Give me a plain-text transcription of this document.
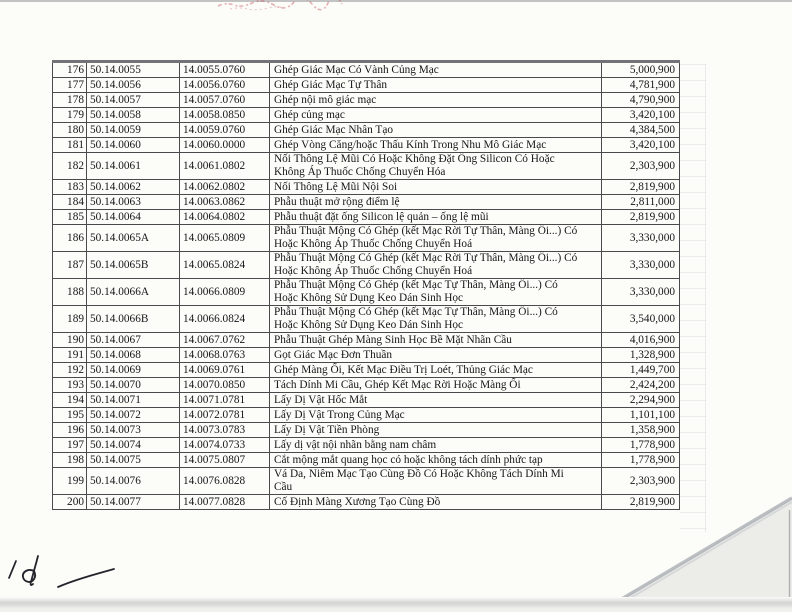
176	50.14.0055	14.0055.0760	Ghép Giác Mạc Có Vành Củng Mạc	5,000,900
177	50.14.0056	14.0056.0760	Ghép Giác Mạc Tự Thân	4,781,900
178	50.14.0057	14.0057.0760	Ghép nội mô giác mạc	4,790,900
179	50.14.0058	14.0058.0850	Ghép củng mạc	3,420,100
180	50.14.0059	14.0059.0760	Ghép Giác Mạc Nhân Tạo	4,384,500
181	50.14.0060	14.0060.0000	Ghép Vòng Căng/hoặc Thấu Kính Trong Nhu Mô Giác Mạc	3,420,100
182	50.14.0061	14.0061.0802	Nối Thông Lệ Mũi Có Hoặc Không Đặt Ống Silicon Có Hoặc Không Áp Thuốc Chống Chuyển Hóa	2,303,900
183	50.14.0062	14.0062.0802	Nối Thông Lệ Mũi Nội Soi	2,819,900
184	50.14.0063	14.0063.0862	Phẫu thuật mở rộng điểm lệ	2,811,000
185	50.14.0064	14.0064.0802	Phẫu thuật đặt ống Silicon lệ quản – ống lệ mũi	2,819,900
186	50.14.0065A	14.0065.0809	Phẫu Thuật Mộng Có Ghép (kết Mạc Rời Tự Thân, Màng Ối...) Có Hoặc Không Áp Thuốc Chống Chuyển Hoá	3,330,000
187	50.14.0065B	14.0065.0824	Phẫu Thuật Mộng Có Ghép (kết Mạc Rời Tự Thân, Màng Ối...) Có Hoặc Không Áp Thuốc Chống Chuyển Hoá	3,330,000
188	50.14.0066A	14.0066.0809	Phẫu Thuật Mộng Có Ghép (kết Mạc Tự Thân, Màng Ối...) Có Hoặc Không Sử Dụng Keo Dán Sinh Học	3,330,000
189	50.14.0066B	14.0066.0824	Phẫu Thuật Mộng Có Ghép (kết Mạc Tự Thân, Màng Ối...) Có Hoặc Không Sử Dụng Keo Dán Sinh Học	3,540,000
190	50.14.0067	14.0067.0762	Phẫu Thuật Ghép Màng Sinh Học Bề Mặt Nhãn Cầu	4,016,900
191	50.14.0068	14.0068.0763	Gọt Giác Mạc Đơn Thuần	1,328,900
192	50.14.0069	14.0069.0761	Ghép Màng Ối, Kết Mạc Điều Trị Loét, Thủng Giác Mạc	1,449,700
193	50.14.0070	14.0070.0850	Tách Dính Mi Cầu, Ghép Kết Mạc Rời Hoặc Màng Ối	2,424,200
194	50.14.0071	14.0071.0781	Lấy Dị Vật Hốc Mắt	2,294,900
195	50.14.0072	14.0072.0781	Lấy Dị Vật Trong Củng Mạc	1,101,100
196	50.14.0073	14.0073.0783	Lấy Dị Vật Tiền Phòng	1,358,900
197	50.14.0074	14.0074.0733	Lấy dị vật nội nhãn bằng nam châm	1,778,900
198	50.14.0075	14.0075.0807	Cắt mộng mắt quang học có hoặc không tách dính phức tạp	1,778,900
199	50.14.0076	14.0076.0828	Vá Da, Niêm Mạc Tạo Cùng Đồ Có Hoặc Không Tách Dính Mi Cầu	2,303,900
200	50.14.0077	14.0077.0828	Cố Định Màng Xương Tạo Cùng Đồ	2,819,900
